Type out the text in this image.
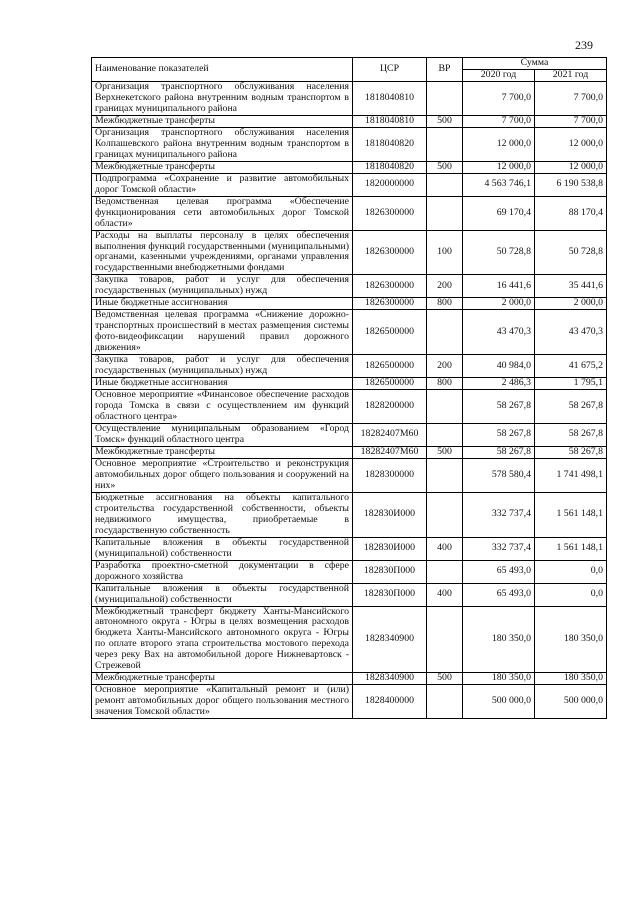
239
Наименование показателей	ЦСР	ВР	Сумма	
			2020 год	2021 год
Организация транспортного обслуживания населения Верхнекетского района внутренним водным транспортом в границах муниципального района	1818040810		7 700,0	7 700,0
Межбюджетные трансферты	1818040810	500	7 700,0	7 700,0
Организация транспортного обслуживания населения Колпашевского района внутренним водным транспортом в границах муниципального района	1818040820		12 000,0	12 000,0
Межбюджетные трансферты	1818040820	500	12 000,0	12 000,0
Подпрограмма «Сохранение и развитие автомобильных дорог Томской области»	1820000000		4 563 746,1	6 190 538,8
Ведомственная целевая программа «Обеспечение функционирования сети автомобильных дорог Томской области»	1826300000		69 170,4	88 170,4
Расходы на выплаты персоналу в целях обеспечения выполнения функций государственными (муниципальными) органами, казенными учреждениями, органами управления государственными внебюджетными фондами	1826300000	100	50 728,8	50 728,8
Закупка товаров, работ и услуг для обеспечения государственных (муниципальных) нужд	1826300000	200	16 441,6	35 441,6
Иные бюджетные ассигнования	1826300000	800	2 000,0	2 000,0
Ведомственная целевая программа «Снижение дорожно-транспортных происшествий в местах размещения системы фото-видеофиксации нарушений правил дорожного движения»	1826500000		43 470,3	43 470,3
Закупка товаров, работ и услуг для обеспечения государственных (муниципальных) нужд	1826500000	200	40 984,0	41 675,2
Иные бюджетные ассигнования	1826500000	800	2 486,3	1 795,1
Основное мероприятие «Финансовое обеспечение расходов города Томска в связи с осуществлением им функций областного центра»	1828200000		58 267,8	58 267,8
Осуществление муниципальным образованием «Город Томск» функций областного центра	18282407М60		58 267,8	58 267,8
Межбюджетные трансферты	18282407М60	500	58 267,8	58 267,8
Основное мероприятие «Строительство и реконструкция автомобильных дорог общего пользования и сооружений на них»	1828300000		578 580,4	1 741 498,1
Бюджетные ассигнования на объекты капитального строительства государственной собственности, объекты недвижимого имущества, приобретаемые в государственную собственность	182830И000		332 737,4	1 561 148,1
Капитальные вложения в объекты государственной (муниципальной) собственности	182830И000	400	332 737,4	1 561 148,1
Разработка проектно-сметной документации в сфере дорожного хозяйства	182830П000		65 493,0	0,0
Капитальные вложения в объекты государственной (муниципальной) собственности	182830П000	400	65 493,0	0,0
Межбюджетный трансферт бюджету Ханты-Мансийского автономного округа - Югры в целях возмещения расходов бюджета Ханты-Мансийского автономного округа - Югры по оплате второго этапа строительства мостового перехода через реку Вах на автомобильной дороге Нижневартовск - Стрежевой	1828340900		180 350,0	180 350,0
Межбюджетные трансферты	1828340900	500	180 350,0	180 350,0
Основное мероприятие «Капитальный ремонт и (или) ремонт автомобильных дорог общего пользования местного значения Томской области»	1828400000		500 000,0	500 000,0
